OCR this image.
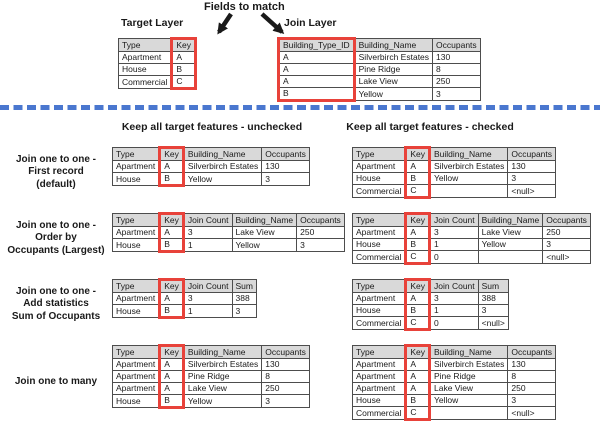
Fields to match
Target Layer	Join Layer
Type	Key
Apartment	A
House	B
Commercial	C
Building_Type_ID	Building_Name	Occupants
A	Silverbirch Estates	130
A	Pine Ridge	8
A	Lake View	250
B	Yellow	3
Keep all target features - unchecked	Keep all target features - checked
Join one to one -
First record
(default)
Type	Key	Building_Name	Occupants
Apartment	A	Silverbirch Estates	130
House	B	Yellow	3
Type	Key	Building_Name	Occupants
Apartment	A	Silverbirch Estates	130
House	B	Yellow	3
Commercial	C		<null>
Join one to one -
Order by
Occupants (Largest)
Type	Key	Join Count	Building_Name	Occupants
Apartment	A	3	Lake View	250
House	B	1	Yellow	3
Type	Key	Join Count	Building_Name	Occupants
Apartment	A	3	Lake View	250
House	B	1	Yellow	3
Commercial	C	0		<null>
Join one to one -
Add statistics
Sum of Occupants
Type	Key	Join Count	Sum
Apartment	A	3	388
House	B	1	3
Type	Key	Join Count	Sum
Apartment	A	3	388
House	B	1	3
Commercial	C	0	<null>
Join one to many
Type	Key	Building_Name	Occupants
Apartment	A	Silverbirch Estates	130
Apartment	A	Pine Ridge	8
Apartment	A	Lake View	250
House	B	Yellow	3
Type	Key	Building_Name	Occupants
Apartment	A	Silverbirch Estates	130
Apartment	A	Pine Ridge	8
Apartment	A	Lake View	250
House	B	Yellow	3
Commercial	C		<null>
